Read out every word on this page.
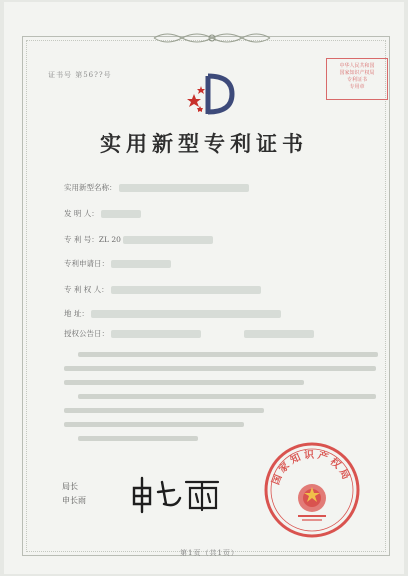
证书号 第56??号
中华人民共和国
国家知识产权局
专利证书
专用章
实用新型专利证书
实用新型名称：
发 明 人：
专 利 号：ZL 20
专利申请日：
专 利 权 人：
地 址：
授权公告日：
局长
申长雨
国家知识产权局
第1页（共1页）
